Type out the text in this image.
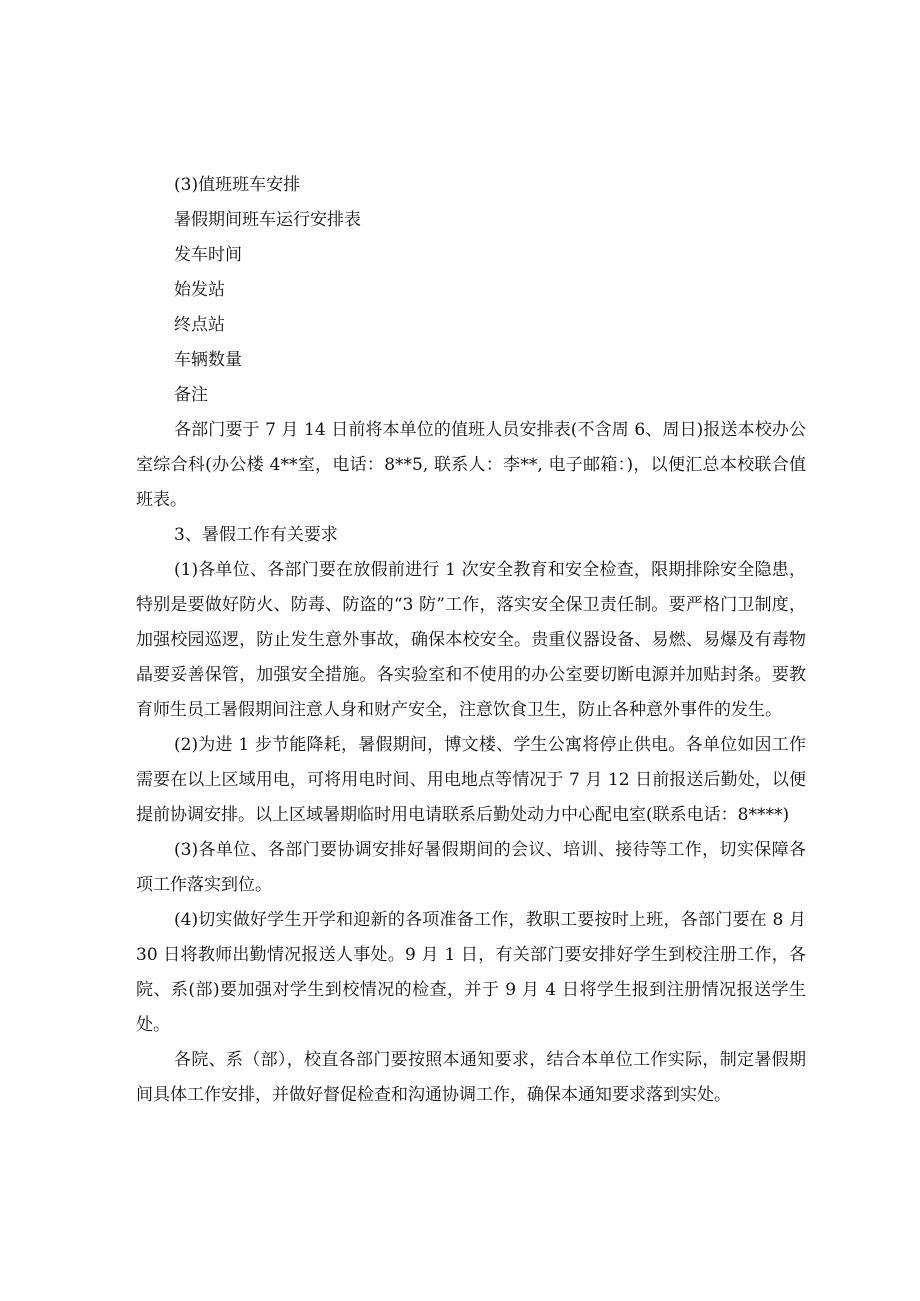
(3)值班班车安排

暑假期间班车运行安排表

发车时间

始发站

终点站

车辆数量

备注

各部门要于 7 月 14 日前将本单位的值班人员安排表(不含周 6、周日)报送本校办公室综合科(办公楼 4**室，电话：8**5, 联系人：李**, 电子邮箱：)，以便汇总本校联合值班表。

3、暑假工作有关要求

(1)各单位、各部门要在放假前进行 1 次安全教育和安全检查，限期排除安全隐患，特别是要做好防火、防毒、防盗的“3 防”工作，落实安全保卫责任制。要严格门卫制度，加强校园巡逻，防止发生意外事故，确保本校安全。贵重仪器设备、易燃、易爆及有毒物晶要妥善保管，加强安全措施。各实验室和不使用的办公室要切断电源并加贴封条。要教育师生员工暑假期间注意人身和财产安全，注意饮食卫生，防止各种意外事件的发生。

(2)为进 1 步节能降耗，暑假期间，博文楼、学生公寓将停止供电。各单位如因工作需要在以上区域用电，可将用电时间、用电地点等情况于 7 月 12 日前报送后勤处，以便提前协调安排。以上区域暑期临时用电请联系后勤处动力中心配电室(联系电话：8****)

(3)各单位、各部门要协调安排好暑假期间的会议、培训、接待等工作，切实保障各项工作落实到位。

(4)切实做好学生开学和迎新的各项准备工作，教职工要按时上班，各部门要在 8 月 30 日将教师出勤情况报送人事处。9 月 1 日，有关部门要安排好学生到校注册工作，各院、系(部)要加强对学生到校情况的检查，并于 9 月 4 日将学生报到注册情况报送学生处。

各院、系（部），校直各部门要按照本通知要求，结合本单位工作实际，制定暑假期间具体工作安排，并做好督促检查和沟通协调工作，确保本通知要求落到实处。
